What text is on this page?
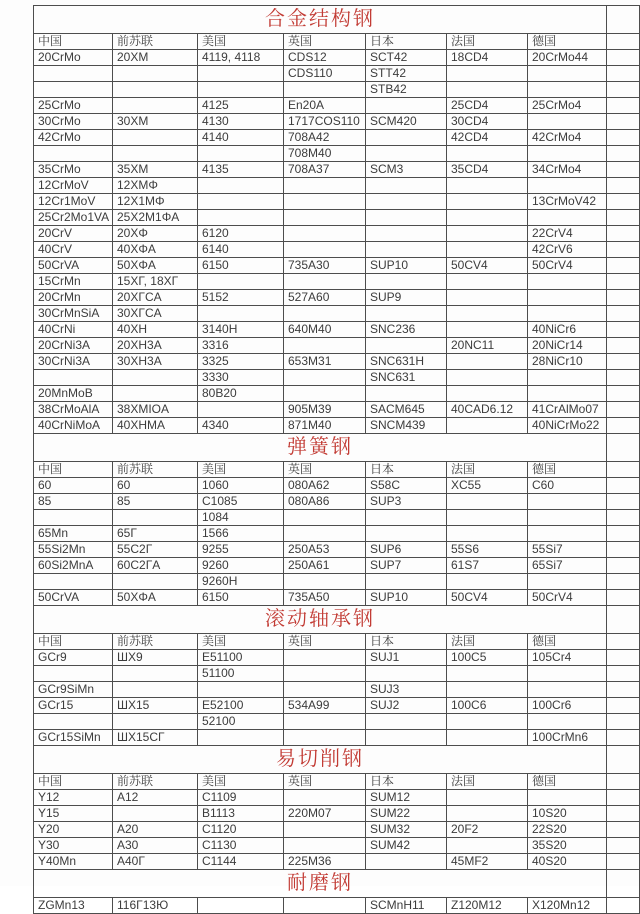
合金结构钢							
中国	前苏联	美国	英国	日本	法国	德国	
20CrMo	20XM	4119, 4118	CDS12	SCT42	18CD4	20CrMo44	
			CDS110	STT42			
				STB42			
25CrMo		4125	En20A		25CD4	25CrMo4	
30CrMo	30XM	4130	1717COS110	SCM420	30CD4		
42CrMo		4140	708A42		42CD4	42CrMo4	
			708M40				
35CrMo	35XM	4135	708A37	SCM3	35CD4	34CrMo4	
12CrMoV	12XMΦ						
12Cr1MoV	12X1MΦ					13CrMoV42	
25Cr2Mo1VA	25X2M1ΦA						
20CrV	20XΦ	6120				22CrV4	
40CrV	40XΦA	6140				42CrV6	
50CrVA	50XΦA	6150	735A30	SUP10	50CV4	50CrV4	
15CrMn	15XΓ, 18XΓ						
20CrMn	20XΓCA	5152	527A60	SUP9			
30CrMnSiA	30XΓCA						
40CrNi	40XH	3140H	640M40	SNC236		40NiCr6	
20CrNi3A	20XH3A	3316			20NC11	20NiCr14	
30CrNi3A	30XH3A	3325	653M31	SNC631H		28NiCr10	
		3330		SNC631			
20MnMoB		80B20					
38CrMoAlA	38XMIOA		905M39	SACM645	40CAD6.12	41CrAlMo07	
40CrNiMoA	40XHMA	4340	871M40	SNCM439		40NiCrMo22	
弹簧钢							
中国	前苏联	美国	英国	日本	法国	德国	
60	60	1060	080A62	S58C	XC55	C60	
85	85	C1085	080A86	SUP3			
		1084					
65Mn	65Γ	1566					
55Si2Mn	55C2Γ	9255	250A53	SUP6	55S6	55Si7	
60Si2MnA	60C2ΓA	9260	250A61	SUP7	61S7	65Si7	
		9260H					
50CrVA	50XΦA	6150	735A50	SUP10	50CV4	50CrV4	
滚动轴承钢							
中国	前苏联	美国	英国	日本	法国	德国	
GCr9	ШX9	E51100		SUJ1	100C5	105Cr4	
		51100					
GCr9SiMn				SUJ3			
GCr15	ШX15	E52100	534A99	SUJ2	100C6	100Cr6	
		52100					
GCr15SiMn	ШX15CΓ					100CrMn6	
易切削钢							
中国	前苏联	美国	英国	日本	法国	德国	
Y12	A12	C1109		SUM12			
Y15		B1113	220M07	SUM22		10S20	
Y20	A20	C1120		SUM32	20F2	22S20	
Y30	A30	C1130		SUM42		35S20	
Y40Mn	A40Γ	C1144	225M36		45MF2	40S20	
耐磨钢							
ZGMn13	116Γ13Ю			SCMnH11	Z120M12	X120Mn12	
